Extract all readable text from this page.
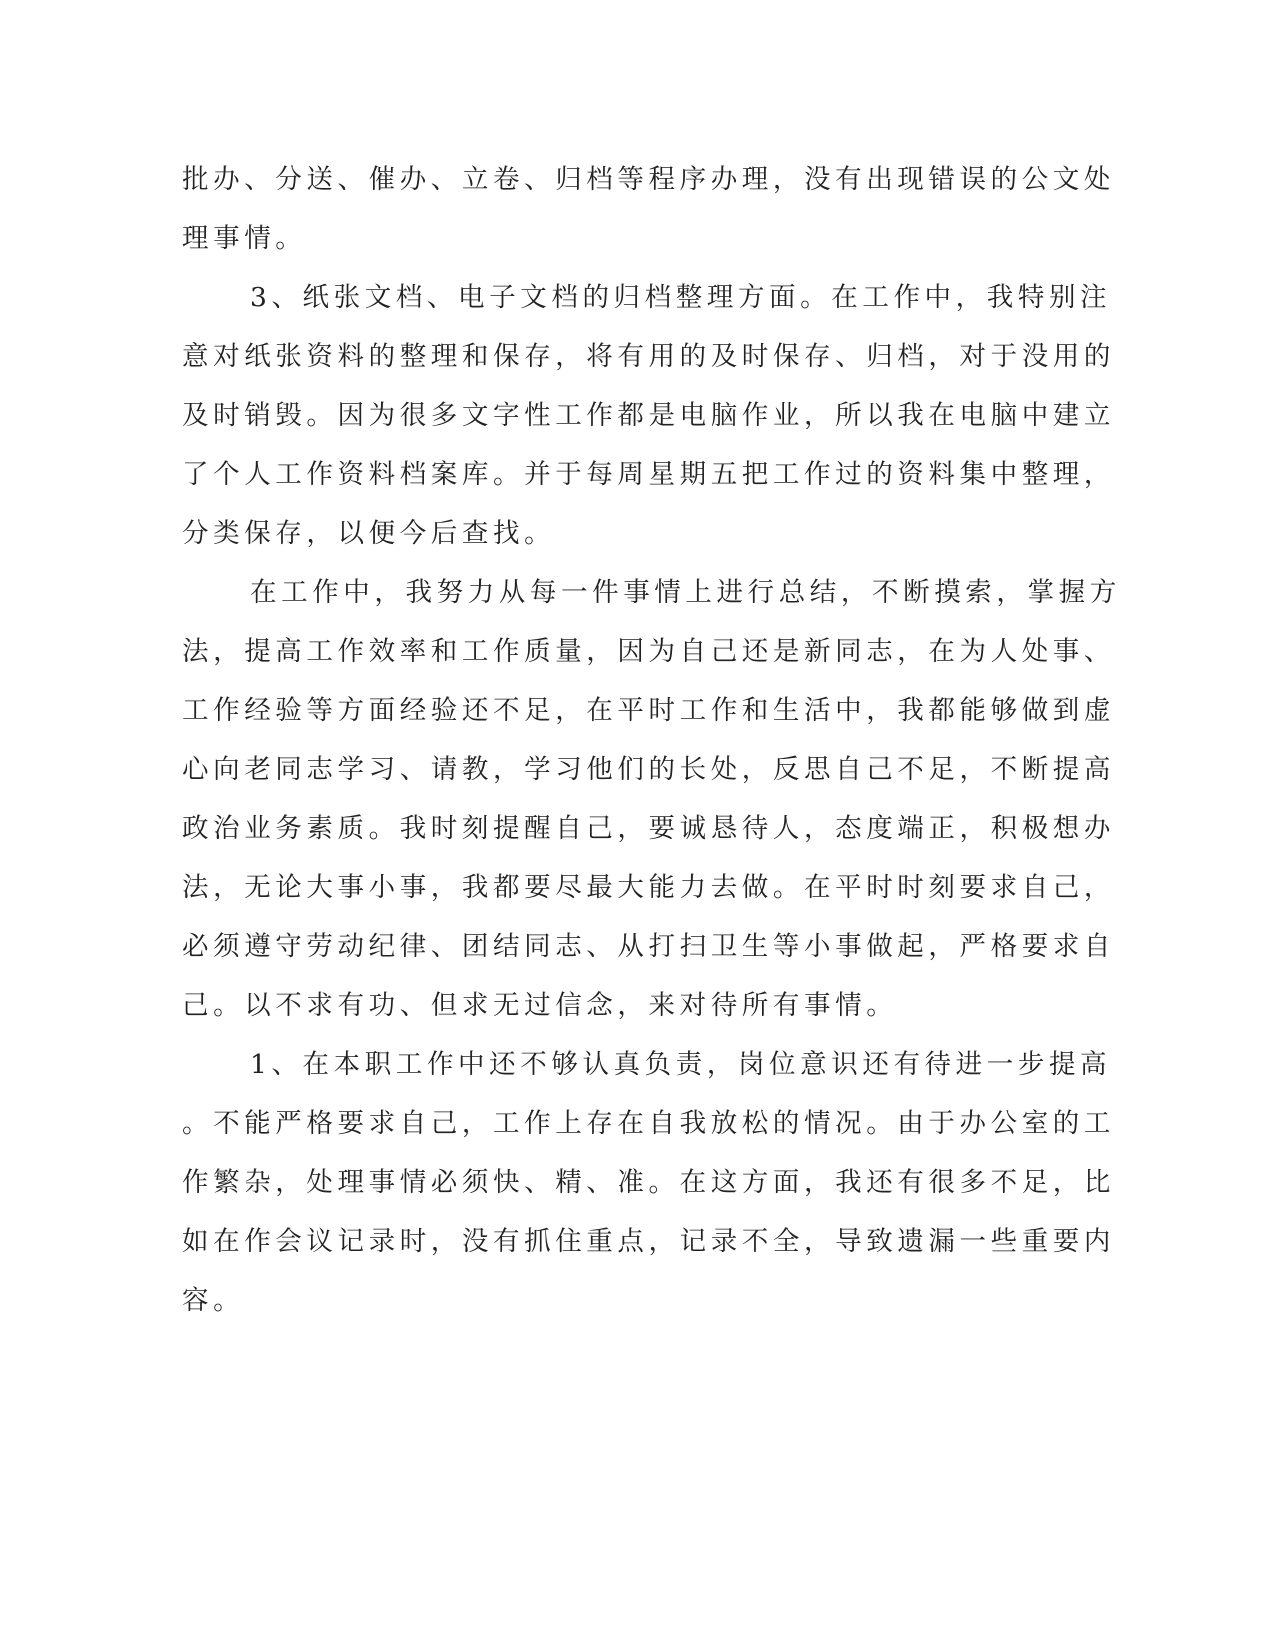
批办、分送、催办、立卷、归档等程序办理，没有出现错误的公文处
理事情。
3、纸张文档、电子文档的归档整理方面。在工作中，我特别注
意对纸张资料的整理和保存，将有用的及时保存、归档，对于没用的
及时销毁。因为很多文字性工作都是电脑作业，所以我在电脑中建立
了个人工作资料档案库。并于每周星期五把工作过的资料集中整理，
分类保存，以便今后查找。
在工作中，我努力从每一件事情上进行总结，不断摸索，掌握方
法，提高工作效率和工作质量，因为自己还是新同志，在为人处事、
工作经验等方面经验还不足，在平时工作和生活中，我都能够做到虚
心向老同志学习、请教，学习他们的长处，反思自己不足，不断提高
政治业务素质。我时刻提醒自己，要诚恳待人，态度端正，积极想办
法，无论大事小事，我都要尽最大能力去做。在平时时刻要求自己，
必须遵守劳动纪律、团结同志、从打扫卫生等小事做起，严格要求自
己。以不求有功、但求无过信念，来对待所有事情。
1、在本职工作中还不够认真负责，岗位意识还有待进一步提高
。不能严格要求自己，工作上存在自我放松的情况。由于办公室的工
作繁杂，处理事情必须快、精、准。在这方面，我还有很多不足，比
如在作会议记录时，没有抓住重点，记录不全，导致遗漏一些重要内
容。
